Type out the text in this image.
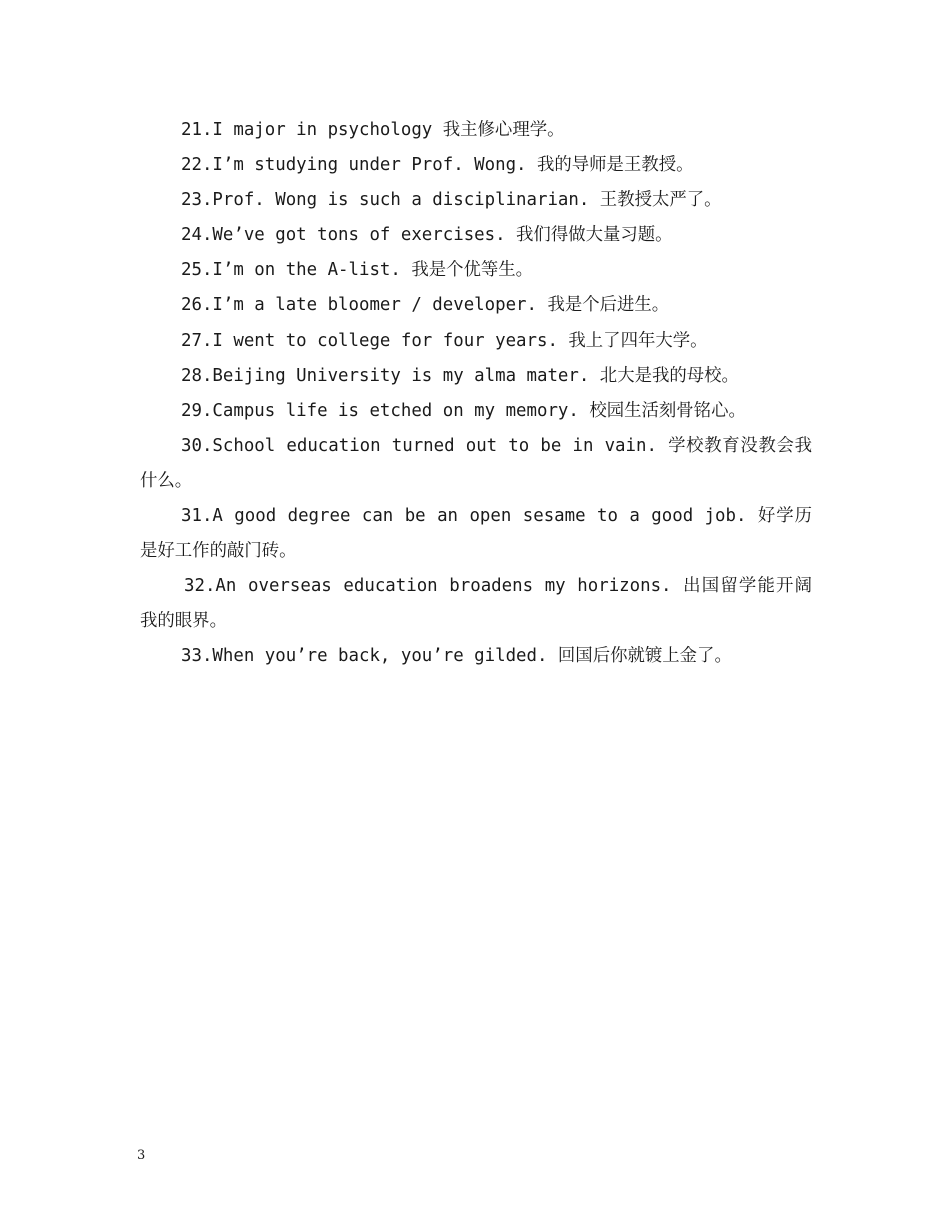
21.I major in psychology 我主修心理学。

22.I’m studying under Prof. Wong. 我的导师是王教授。

23.Prof. Wong is such a disciplinarian. 王教授太严了。

24.We’ve got tons of exercises. 我们得做大量习题。

25.I’m on the A-list. 我是个优等生。

26.I’m a late bloomer / developer. 我是个后进生。

27.I went to college for four years. 我上了四年大学。

28.Beijing University is my alma mater. 北大是我的母校。

29.Campus life is etched on my memory. 校园生活刻骨铭心。

30.School education turned out to be in vain. 学校教育没教会我什么。

31.A good degree can be an open sesame to a good job. 好学历是好工作的敲门砖。

32.An overseas education broadens my horizons. 出国留学能开阔我的眼界。

33.When you’re back, you’re gilded. 回国后你就镀上金了。

3
